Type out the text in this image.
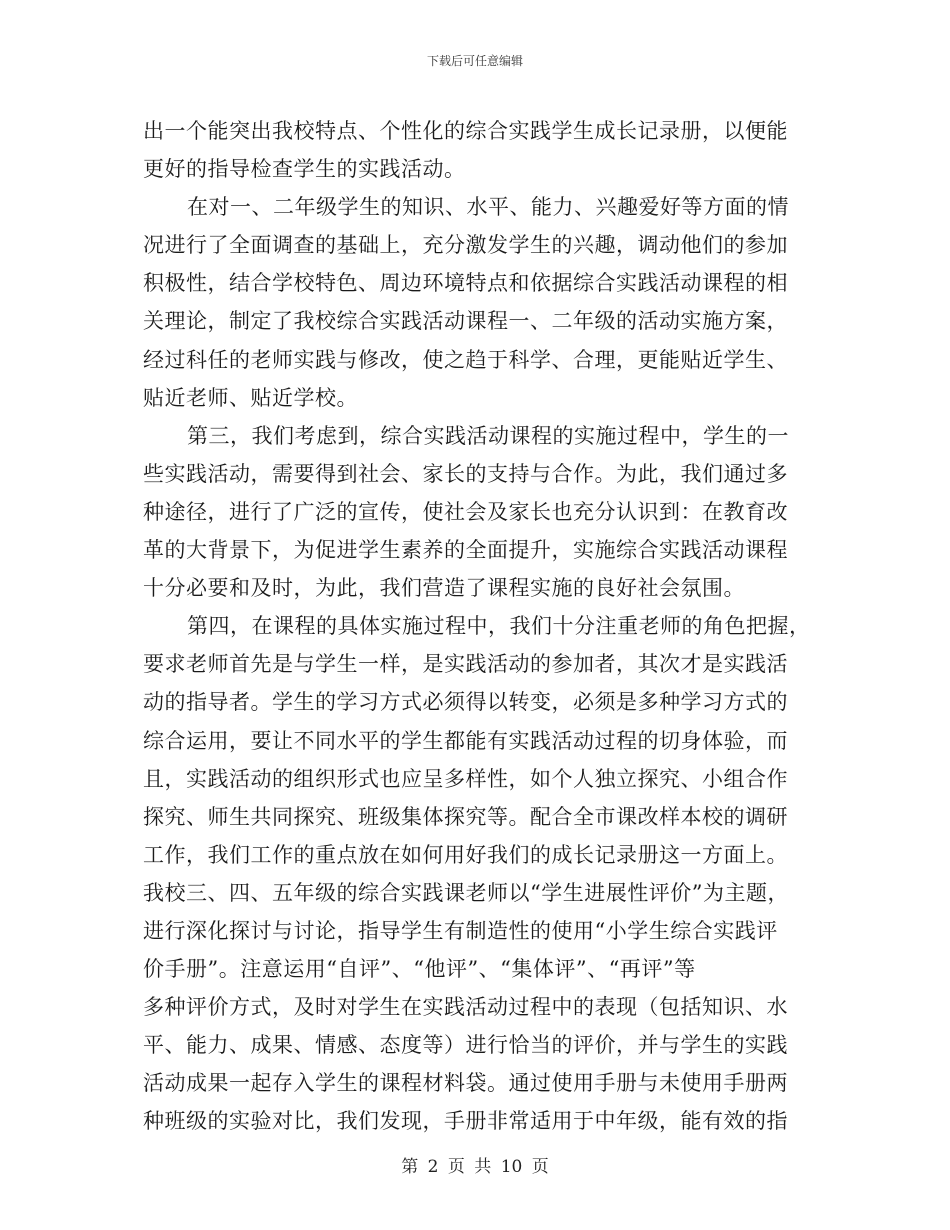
下载后可任意编辑
出一个能突出我校特点、个性化的综合实践学生成长记录册，以便能
更好的指导检查学生的实践活动。
在对一、二年级学生的知识、水平、能力、兴趣爱好等方面的情
况进行了全面调查的基础上，充分激发学生的兴趣，调动他们的参加
积极性，结合学校特色、周边环境特点和依据综合实践活动课程的相
关理论，制定了我校综合实践活动课程一、二年级的活动实施方案，
经过科任的老师实践与修改，使之趋于科学、合理，更能贴近学生、
贴近老师、贴近学校。
第三，我们考虑到，综合实践活动课程的实施过程中，学生的一
些实践活动，需要得到社会、家长的支持与合作。为此，我们通过多
种途径，进行了广泛的宣传，使社会及家长也充分认识到：在教育改
革的大背景下，为促进学生素养的全面提升，实施综合实践活动课程
十分必要和及时，为此，我们营造了课程实施的良好社会氛围。
第四，在课程的具体实施过程中，我们十分注重老师的角色把握，
要求老师首先是与学生一样，是实践活动的参加者，其次才是实践活
动的指导者。学生的学习方式必须得以转变，必须是多种学习方式的
综合运用，要让不同水平的学生都能有实践活动过程的切身体验，而
且，实践活动的组织形式也应呈多样性，如个人独立探究、小组合作
探究、师生共同探究、班级集体探究等。配合全市课改样本校的调研
工作，我们工作的重点放在如何用好我们的成长记录册这一方面上。
我校三、四、五年级的综合实践课老师以“学生进展性评价”为主题，
进行深化探讨与讨论，指导学生有制造性的使用“小学生综合实践评
价手册”。注意运用“自评”、“他评”、“集体评”、“再评”等
多种评价方式，及时对学生在实践活动过程中的表现（包括知识、水
平、能力、成果、情感、态度等）进行恰当的评价，并与学生的实践
活动成果一起存入学生的课程材料袋。通过使用手册与未使用手册两
种班级的实验对比，我们发现，手册非常适用于中年级，能有效的指
第 2 页 共 10 页
